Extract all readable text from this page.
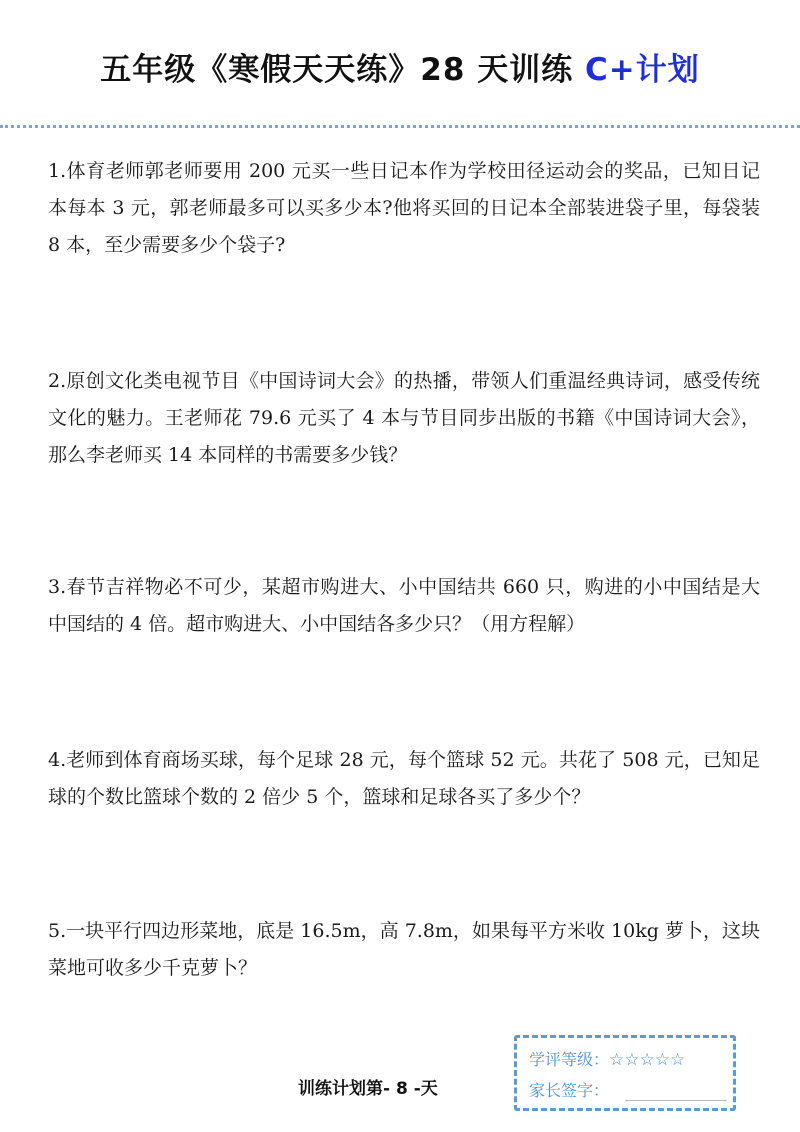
五年级《寒假天天练》28 天训练 C+计划
1.体育老师郭老师要用 200 元买一些日记本作为学校田径运动会的奖品，已知日记本每本 3 元，郭老师最多可以买多少本?他将买回的日记本全部装进袋子里，每袋装 8 本，至少需要多少个袋子?
2.原创文化类电视节目《中国诗词大会》的热播，带领人们重温经典诗词，感受传统文化的魅力。王老师花 79.6 元买了 4 本与节目同步出版的书籍《中国诗词大会》，那么李老师买 14 本同样的书需要多少钱？
3.春节吉祥物必不可少，某超市购进大、小中国结共 660 只，购进的小中国结是大中国结的 4 倍。超市购进大、小中国结各多少只？（用方程解）
4.老师到体育商场买球，每个足球 28 元，每个篮球 52 元。共花了 508 元，已知足球的个数比篮球个数的 2 倍少 5 个，篮球和足球各买了多少个？
5.一块平行四边形菜地，底是 16.5m，高 7.8m，如果每平方米收 10kg 萝卜，这块菜地可收多少千克萝卜？
训练计划第- 8 -天
学评等级：☆☆☆☆☆
家长签字：
